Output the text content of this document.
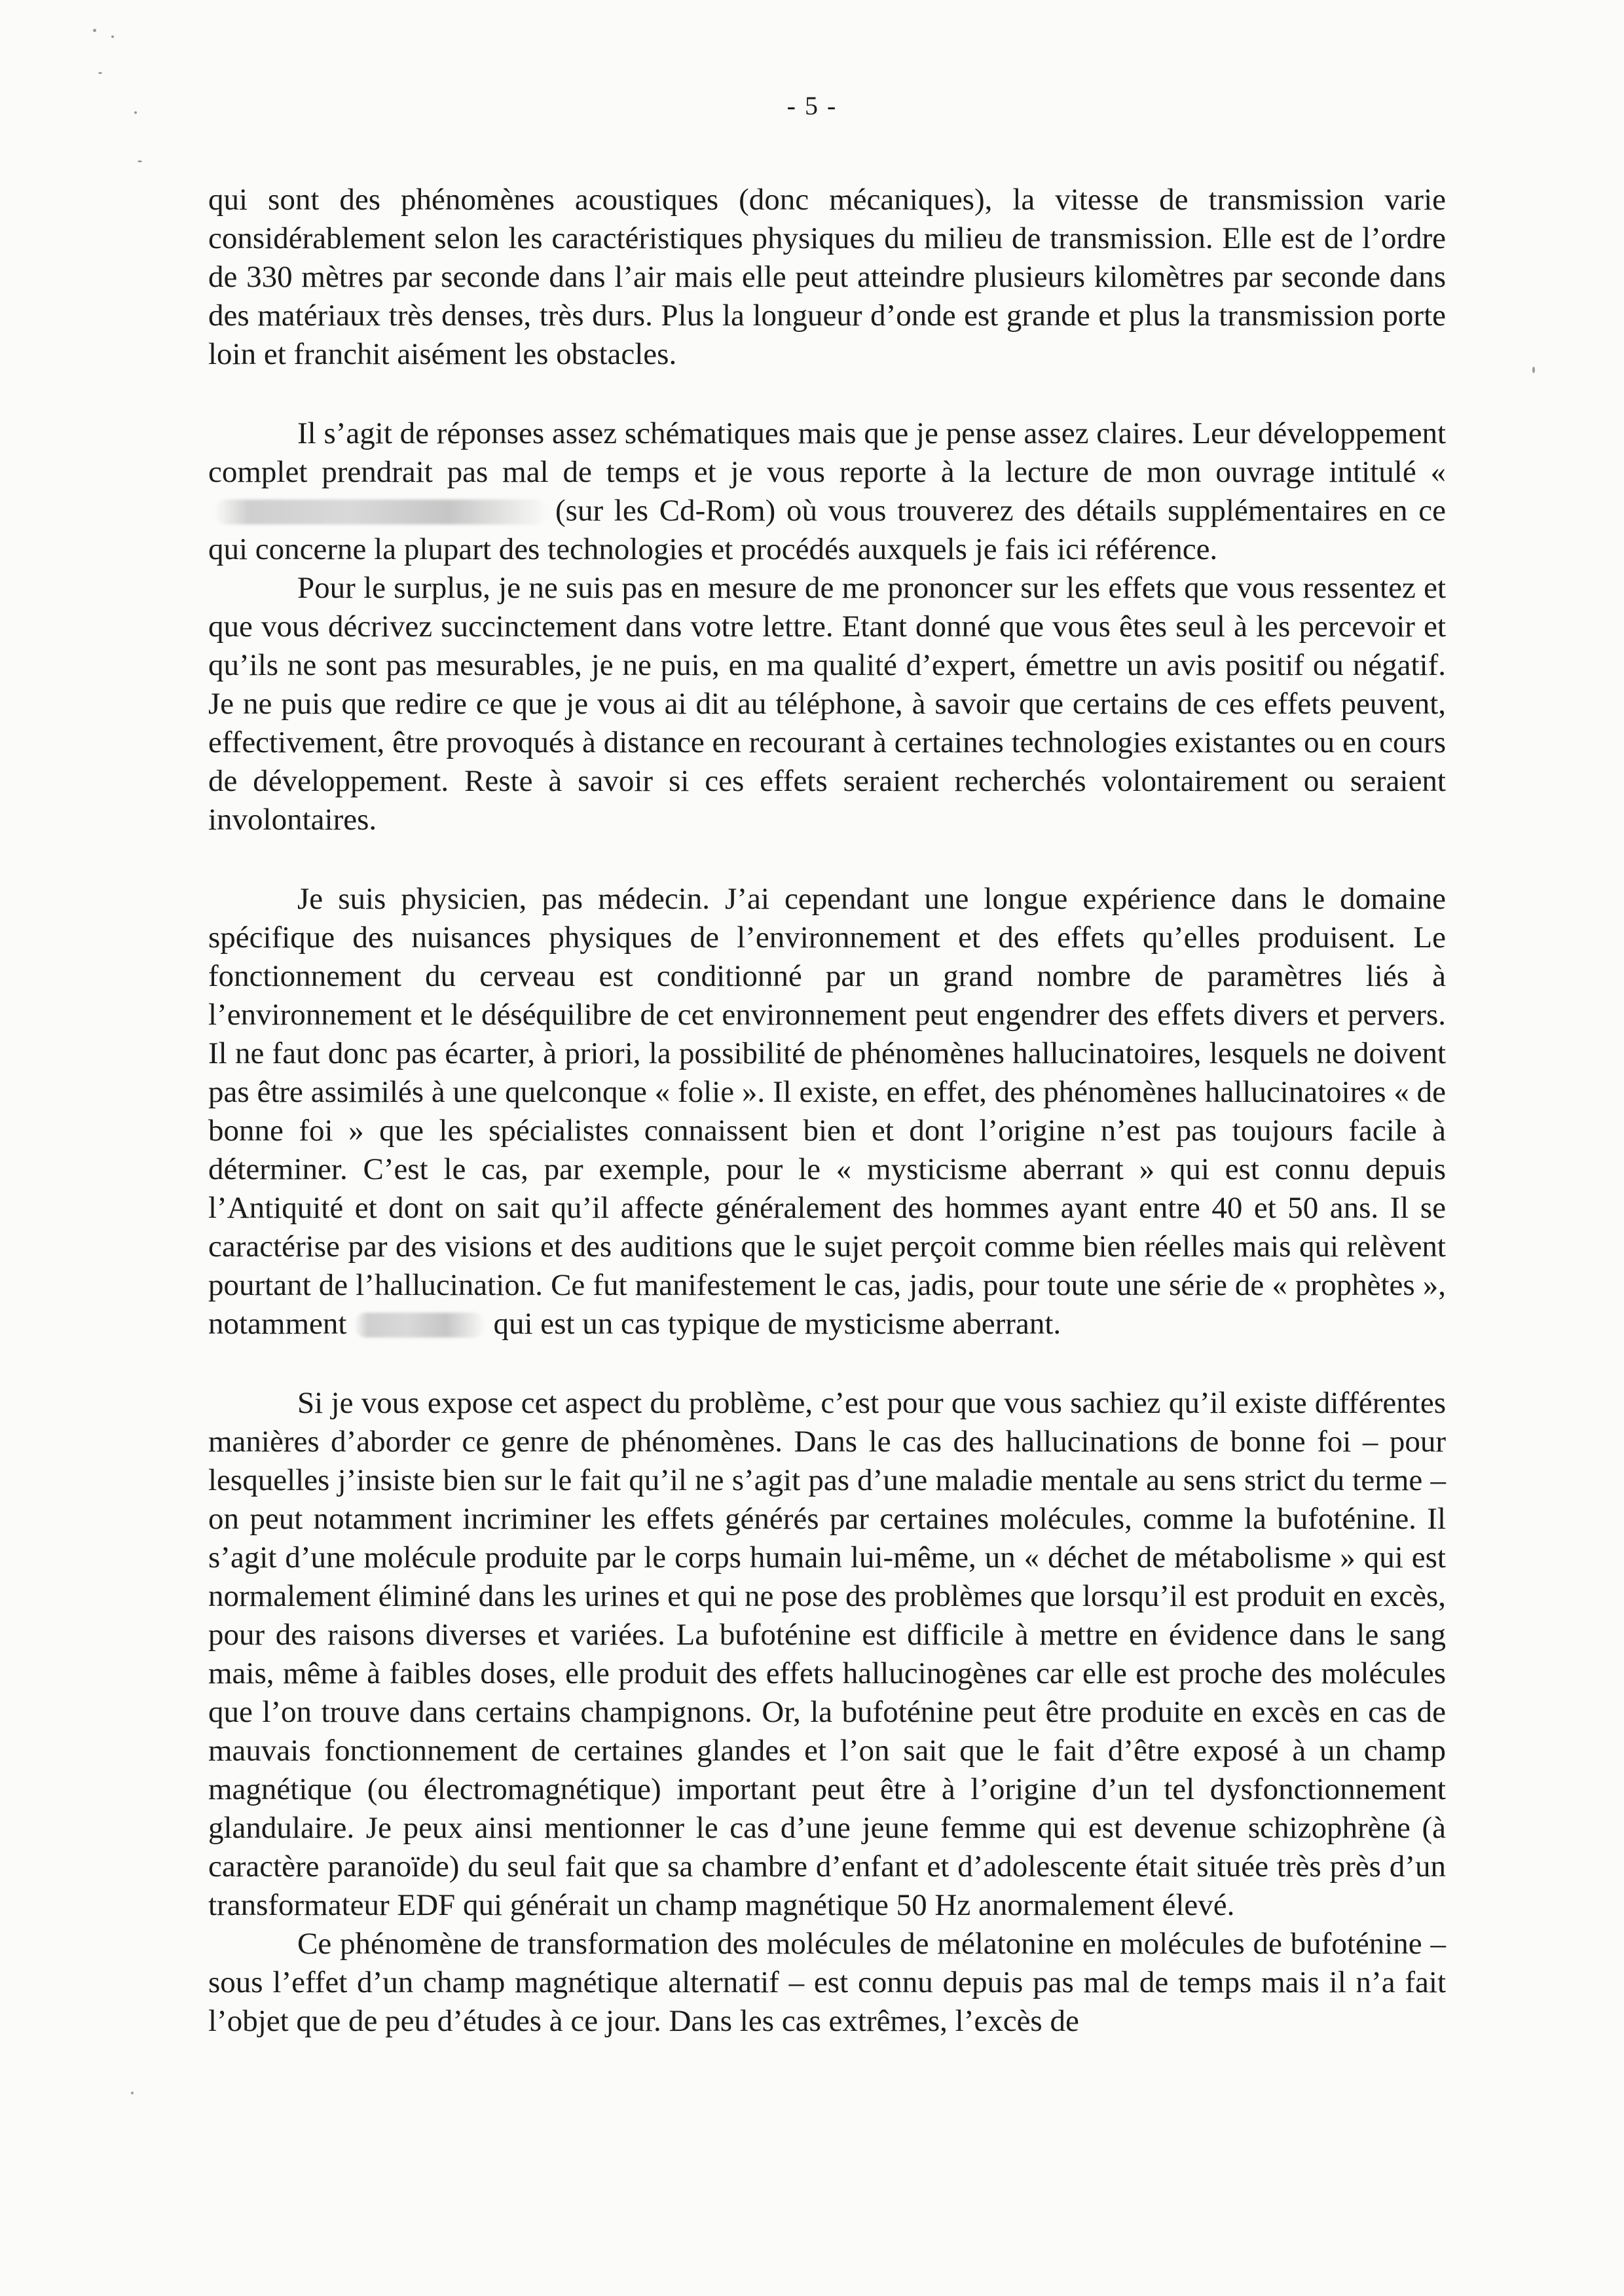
- 5 -

qui sont des phénomènes acoustiques (donc mécaniques), la vitesse de transmission varie considérablement selon les caractéristiques physiques du milieu de transmission. Elle est de l’ordre de 330 mètres par seconde dans l’air mais elle peut atteindre plusieurs kilomètres par seconde dans des matériaux très denses, très durs. Plus la longueur d’onde est grande et plus la transmission porte loin et franchit aisément les obstacles.

Il s’agit de réponses assez schématiques mais que je pense assez claires. Leur développement complet prendrait pas mal de temps et je vous reporte à la lecture de mon ouvrage intitulé «(sur les Cd-Rom) où vous trouverez des détails supplémentaires en ce qui concerne la plupart des technologies et procédés auxquels je fais ici référence.

Pour le surplus, je ne suis pas en mesure de me prononcer sur les effets que vous ressentez et que vous décrivez succinctement dans votre lettre. Etant donné que vous êtes seul à les percevoir et qu’ils ne sont pas mesurables, je ne puis, en ma qualité d’expert, émettre un avis positif ou négatif. Je ne puis que redire ce que je vous ai dit au téléphone, à savoir que certains de ces effets peuvent, effectivement, être provoqués à distance en recourant à certaines technologies existantes ou en cours de développement. Reste à savoir si ces effets seraient recherchés volontairement ou seraient involontaires.

Je suis physicien, pas médecin. J’ai cependant une longue expérience dans le domaine spécifique des nuisances physiques de l’environnement et des effets qu’elles produisent. Le fonctionnement du cerveau est conditionné par un grand nombre de paramètres liés à l’environnement et le déséquilibre de cet environnement peut engendrer des effets divers et pervers. Il ne faut donc pas écarter, à priori, la possibilité de phénomènes hallucinatoires, lesquels ne doivent pas être assimilés à une quelconque « folie ». Il existe, en effet, des phénomènes hallucinatoires « de bonne foi » que les spécialistes connaissent bien et dont l’origine n’est pas toujours facile à déterminer. C’est le cas, par exemple, pour le « mysticisme aberrant » qui est connu depuis l’Antiquité et dont on sait qu’il affecte généralement des hommes ayant entre 40 et 50 ans. Il se caractérise par des visions et des auditions que le sujet perçoit comme bien réelles mais qui relèvent pourtant de l’hallucination. Ce fut manifestement le cas, jadis, pour toute une série de « prophètes », notamment	qui est un cas typique de mysticisme aberrant.

Si je vous expose cet aspect du problème, c’est pour que vous sachiez qu’il existe différentes manières d’aborder ce genre de phénomènes. Dans le cas des hallucinations de bonne foi – pour lesquelles j’insiste bien sur le fait qu’il ne s’agit pas d’une maladie mentale au sens strict du terme – on peut notamment incriminer les effets générés par certaines molécules, comme la bufoténine. Il s’agit d’une molécule produite par le corps humain lui-même, un « déchet de métabolisme » qui est normalement éliminé dans les urines et qui ne pose des problèmes que lorsqu’il est produit en excès, pour des raisons diverses et variées. La bufoténine est difficile à mettre en évidence dans le sang mais, même à faibles doses, elle produit des effets hallucinogènes car elle est proche des molécules que l’on trouve dans certains champignons. Or, la bufoténine peut être produite en excès en cas de mauvais fonctionnement de certaines glandes et l’on sait que le fait d’être exposé à un champ magnétique (ou électromagnétique) important peut être à l’origine d’un tel dysfonctionnement glandulaire. Je peux ainsi mentionner le cas d’une jeune femme qui est devenue schizophrène (à caractère paranoïde) du seul fait que sa chambre d’enfant et d’adolescente était située très près d’un transformateur EDF qui générait un champ magnétique 50 Hz anormalement élevé.

Ce phénomène de transformation des molécules de mélatonine en molécules de bufoténine – sous l’effet d’un champ magnétique alternatif – est connu depuis pas mal de temps mais il n’a fait l’objet que de peu d’études à ce jour. Dans les cas extrêmes, l’excès de
